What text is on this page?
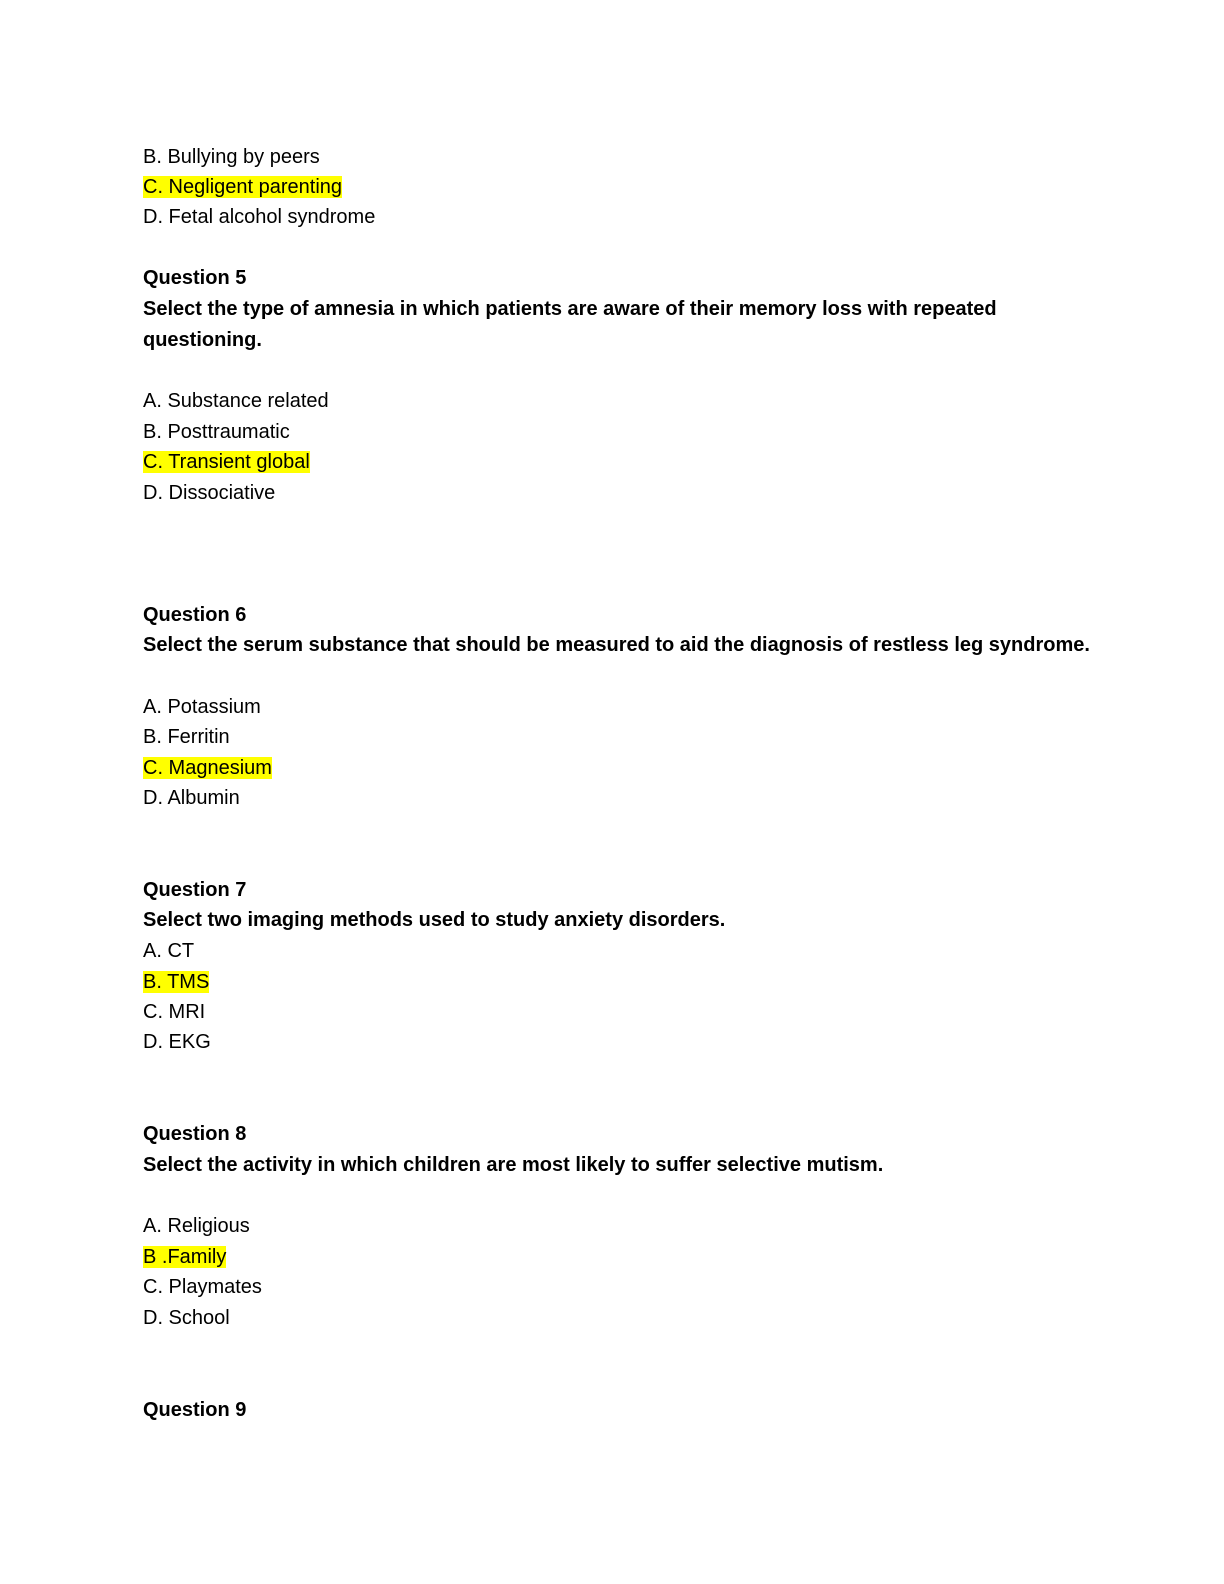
B. Bullying by peers
C. Negligent parenting
D. Fetal alcohol syndrome
Question 5
Select the type of amnesia in which patients are aware of their memory loss with repeated
questioning.
A. Substance related
B. Posttraumatic
C. Transient global
D. Dissociative
Question 6
Select the serum substance that should be measured to aid the diagnosis of restless leg syndrome.
A. Potassium
B. Ferritin
C. Magnesium
D. Albumin
Question 7
Select two imaging methods used to study anxiety disorders.
A. CT
B. TMS
C. MRI
D. EKG
Question 8
Select the activity in which children are most likely to suffer selective mutism.
A. Religious
B .Family
C. Playmates
D. School
Question 9
